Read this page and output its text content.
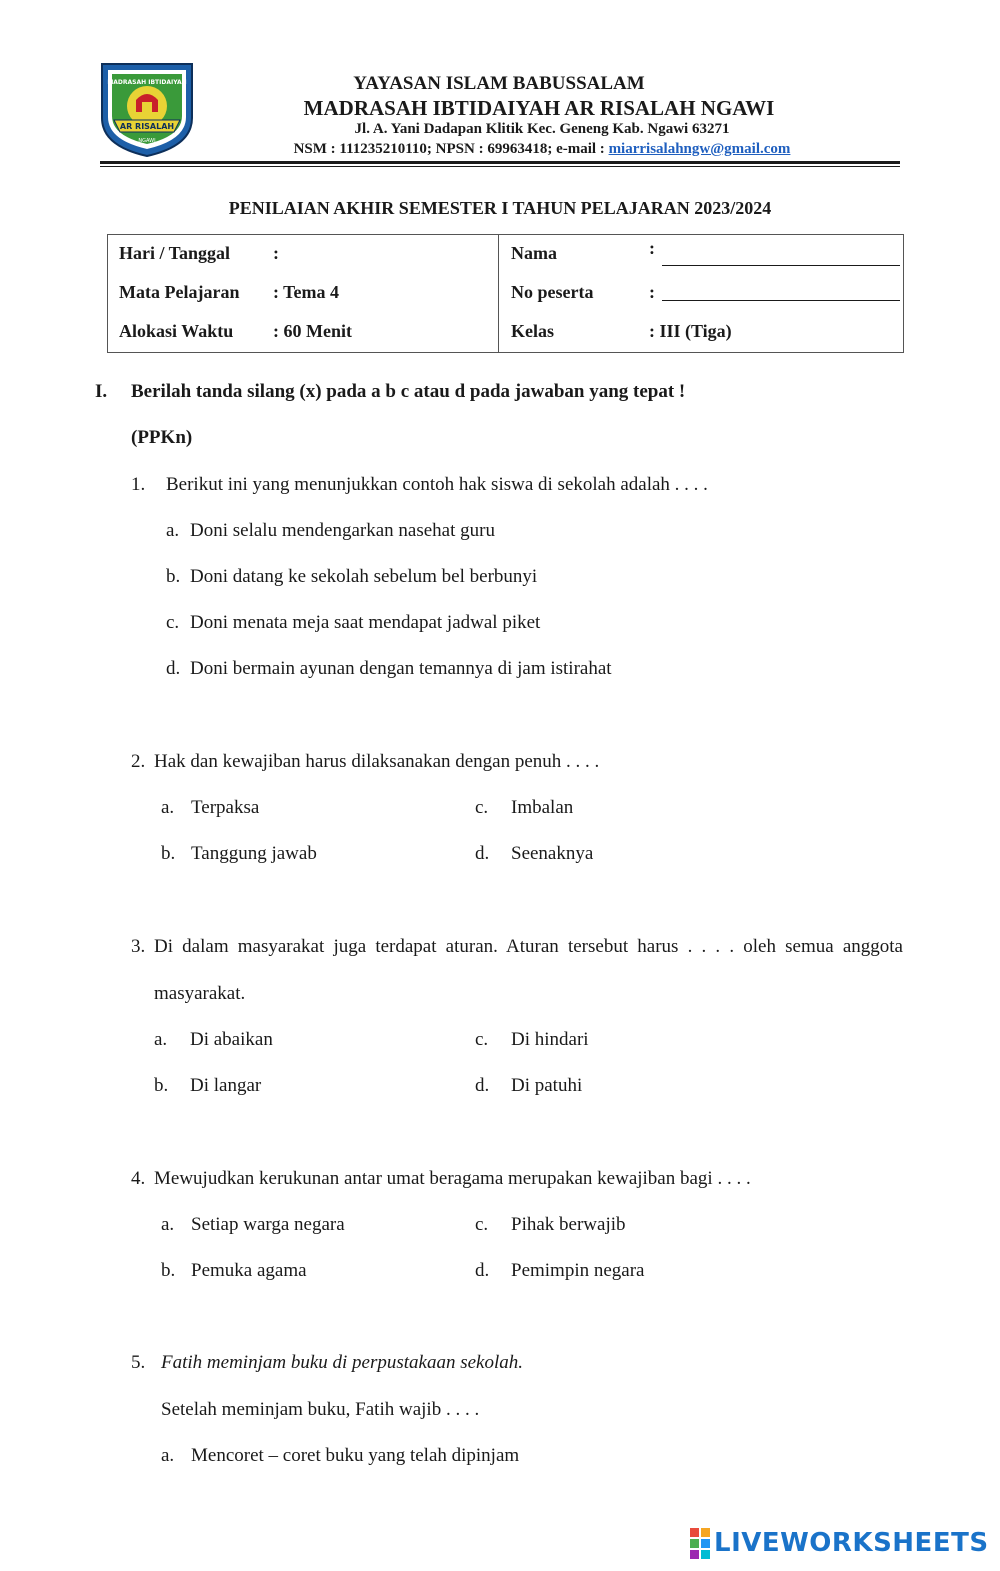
AR RISALAH
MADRASAH IBTIDAIYAH
NGAWI
YAYASAN ISLAM BABUSSALAM
MADRASAH IBTIDAIYAH AR RISALAH NGAWI
Jl. A. Yani Dadapan Klitik Kec. Geneng Kab. Ngawi 63271
NSM : 111235210110; NPSN : 69963418; e-mail : miarrisalahngw@gmail.com
PENILAIAN AKHIR SEMESTER I TAHUN PELAJARAN 2023/2024
Hari / Tanggal :
Mata Pelajaran : Tema 4
Alokasi Waktu : 60 Menit
Nama	:
No peserta	:
Kelas	: III (Tiga)
I. Berilah tanda silang (x) pada a b c atau d pada jawaban yang tepat !
(PPKn)
1. Berikut ini yang menunjukkan contoh hak siswa di sekolah adalah . . . .
a. Doni selalu mendengarkan nasehat guru
b. Doni datang ke sekolah sebelum bel berbunyi
c. Doni menata meja saat mendapat jadwal piket
d. Doni bermain ayunan dengan temannya di jam istirahat
2. Hak dan kewajiban harus dilaksanakan dengan penuh . . . .
a. Terpaksa	c. Imbalan
b. Tanggung jawab	d. Seenaknya
3. Di dalam masyarakat juga terdapat aturan. Aturan tersebut harus . . . . oleh semua anggota
masyarakat.
a. Di abaikan	c. Di hindari
b. Di langar	d. Di patuhi
4. Mewujudkan kerukunan antar umat beragama merupakan kewajiban bagi . . . .
a. Setiap warga negara	c. Pihak berwajib
b. Pemuka agama	d. Pemimpin negara
5. Fatih meminjam buku di perpustakaan sekolah.
Setelah meminjam buku, Fatih wajib . . . .
a. Mencoret – coret buku yang telah dipinjam
LIVEWORKSHEETS
